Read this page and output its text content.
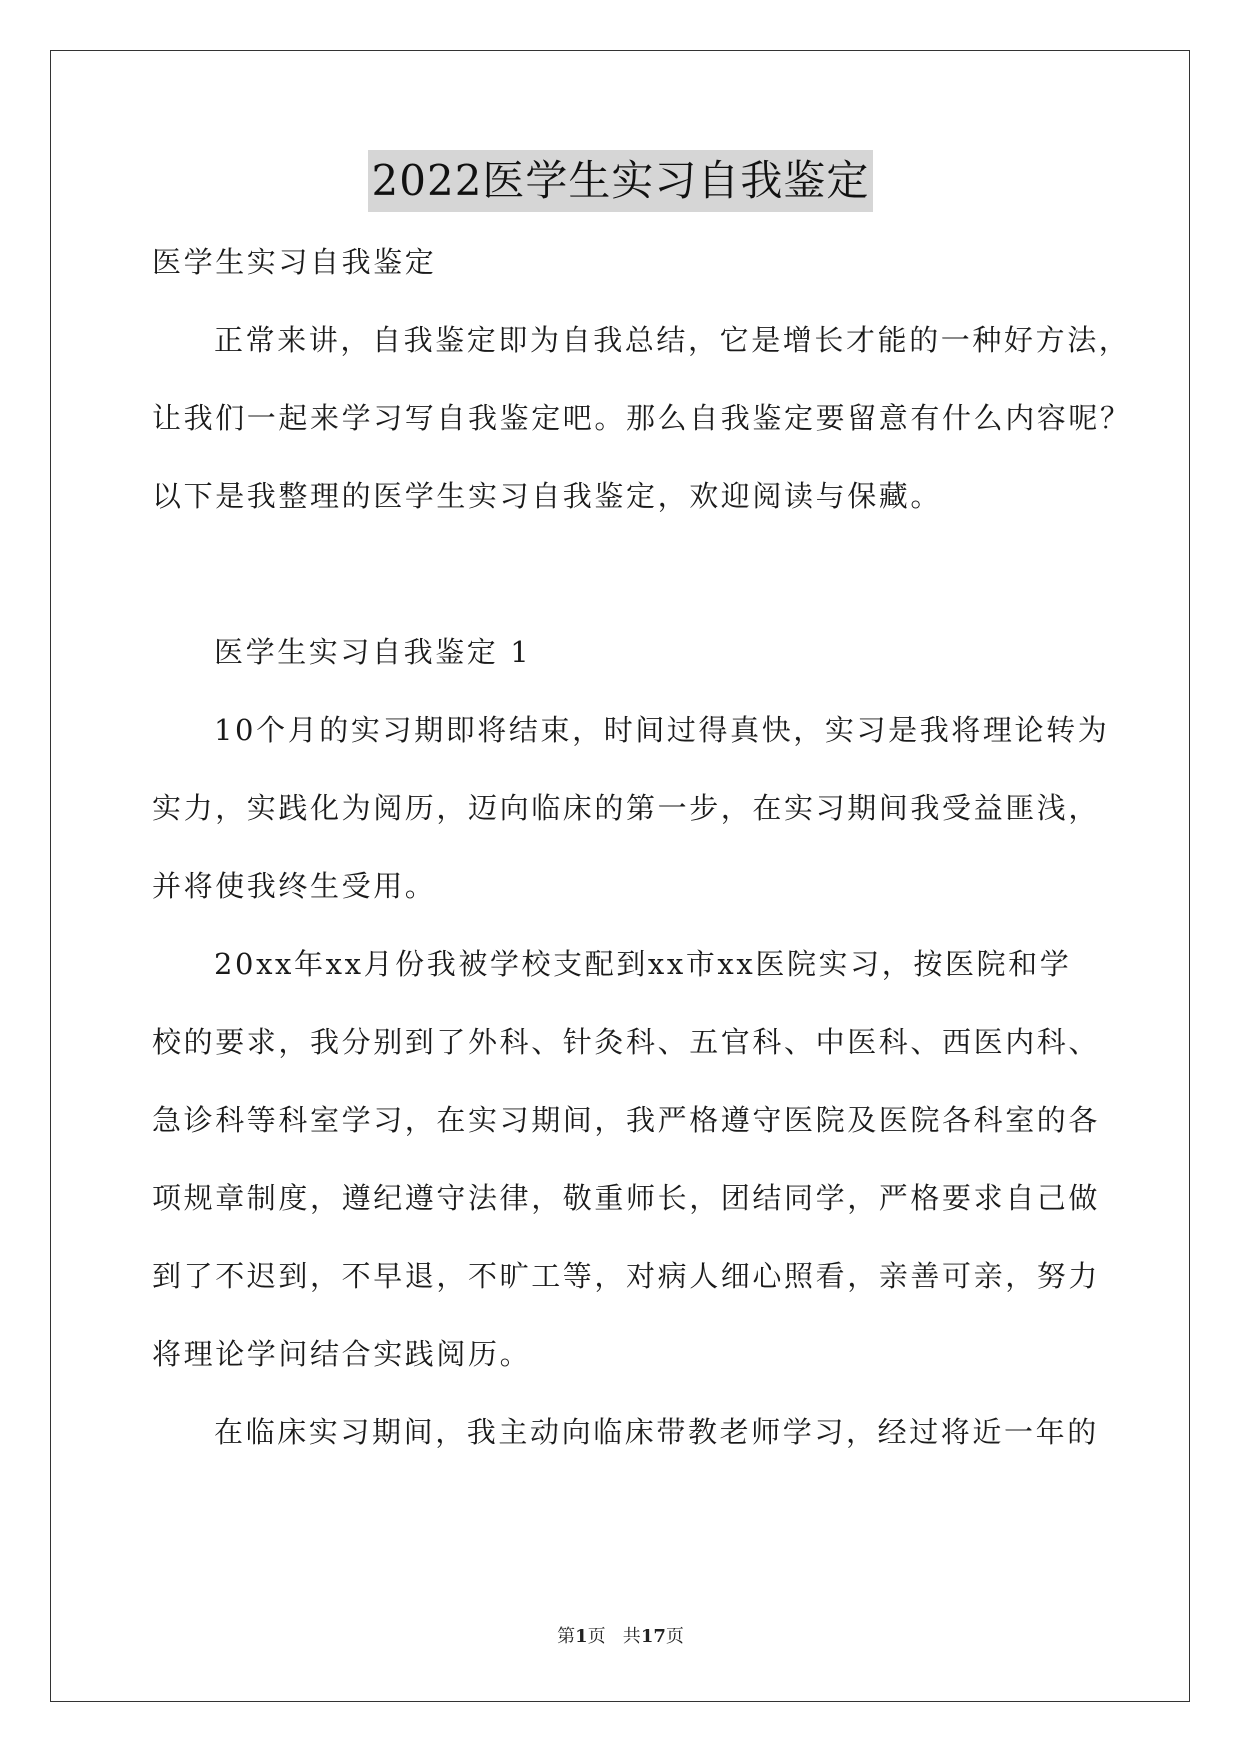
2022医学生实习自我鉴定
医学生实习自我鉴定
正常来讲，自我鉴定即为自我总结，它是增长才能的一种好方法，
让我们一起来学习写自我鉴定吧。那么自我鉴定要留意有什么内容呢？
以下是我整理的医学生实习自我鉴定，欢迎阅读与保藏。
医学生实习自我鉴定 1
10个月的实习期即将结束，时间过得真快，实习是我将理论转为
实力，实践化为阅历，迈向临床的第一步，在实习期间我受益匪浅，
并将使我终生受用。
20xx年xx月份我被学校支配到xx市xx医院实习，按医院和学
校的要求，我分别到了外科、针灸科、五官科、中医科、西医内科、
急诊科等科室学习，在实习期间，我严格遵守医院及医院各科室的各
项规章制度，遵纪遵守法律，敬重师长，团结同学，严格要求自己做
到了不迟到，不早退，不旷工等，对病人细心照看，亲善可亲，努力
将理论学问结合实践阅历。
在临床实习期间，我主动向临床带教老师学习，经过将近一年的
第1页   共17页
